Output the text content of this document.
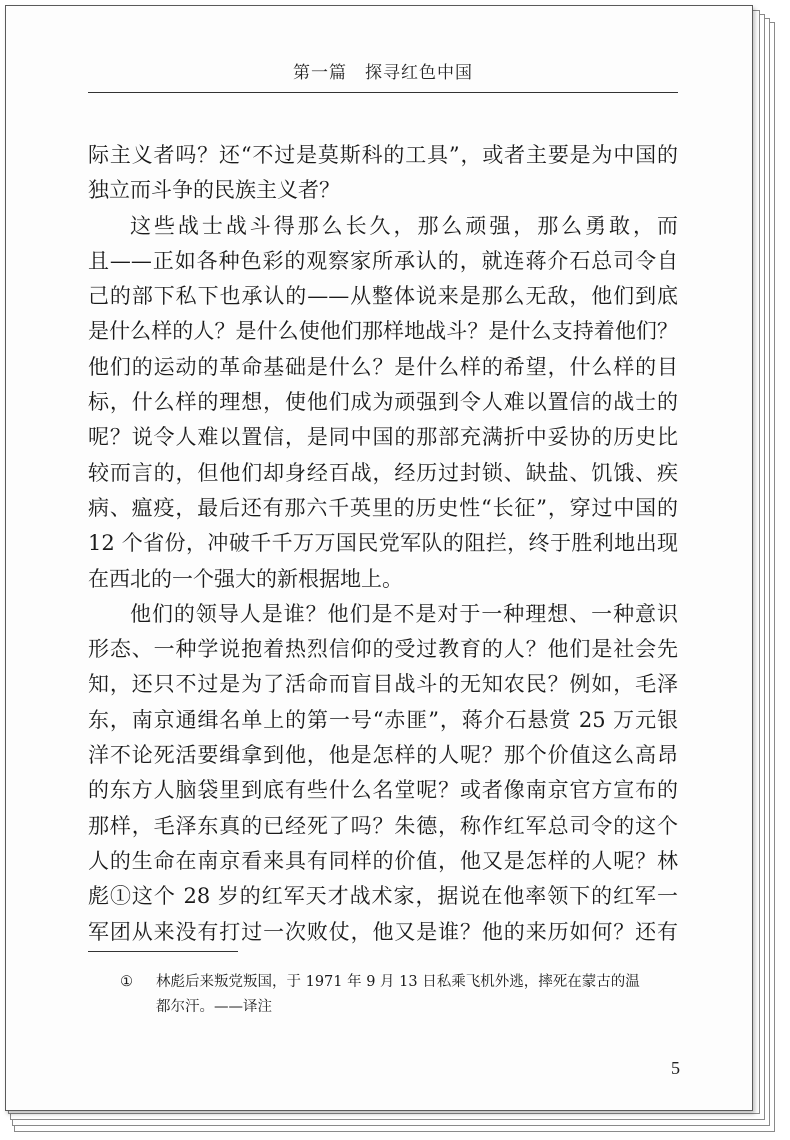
第一篇 探寻红色中国
际主义者吗？还“不过是莫斯科的工具”，或者主要是为中国的
独立而斗争的民族主义者？
这些战士战斗得那么长久，那么顽强，那么勇敢，而
且——正如各种色彩的观察家所承认的，就连蒋介石总司令自
己的部下私下也承认的——从整体说来是那么无敌，他们到底
是什么样的人？是什么使他们那样地战斗？是什么支持着他们？
他们的运动的革命基础是什么？是什么样的希望，什么样的目
标，什么样的理想，使他们成为顽强到令人难以置信的战士的
呢？说令人难以置信，是同中国的那部充满折中妥协的历史比
较而言的，但他们却身经百战，经历过封锁、缺盐、饥饿、疾
病、瘟疫，最后还有那六千英里的历史性“长征”，穿过中国的
12 个省份，冲破千千万万国民党军队的阻拦，终于胜利地出现
在西北的一个强大的新根据地上。
他们的领导人是谁？他们是不是对于一种理想、一种意识
形态、一种学说抱着热烈信仰的受过教育的人？他们是社会先
知，还只不过是为了活命而盲目战斗的无知农民？例如，毛泽
东，南京通缉名单上的第一号“赤匪”，蒋介石悬赏 25 万元银
洋不论死活要缉拿到他，他是怎样的人呢？那个价值这么高昂
的东方人脑袋里到底有些什么名堂呢？或者像南京官方宣布的
那样，毛泽东真的已经死了吗？朱德，称作红军总司令的这个
人的生命在南京看来具有同样的价值，他又是怎样的人呢？林
彪①这个 28 岁的红军天才战术家，据说在他率领下的红军一
军团从来没有打过一次败仗，他又是谁？他的来历如何？还有
①	林彪后来叛党叛国，于 1971 年 9 月 13 日私乘飞机外逃，摔死在蒙古的温
都尔汗。——译注
5
